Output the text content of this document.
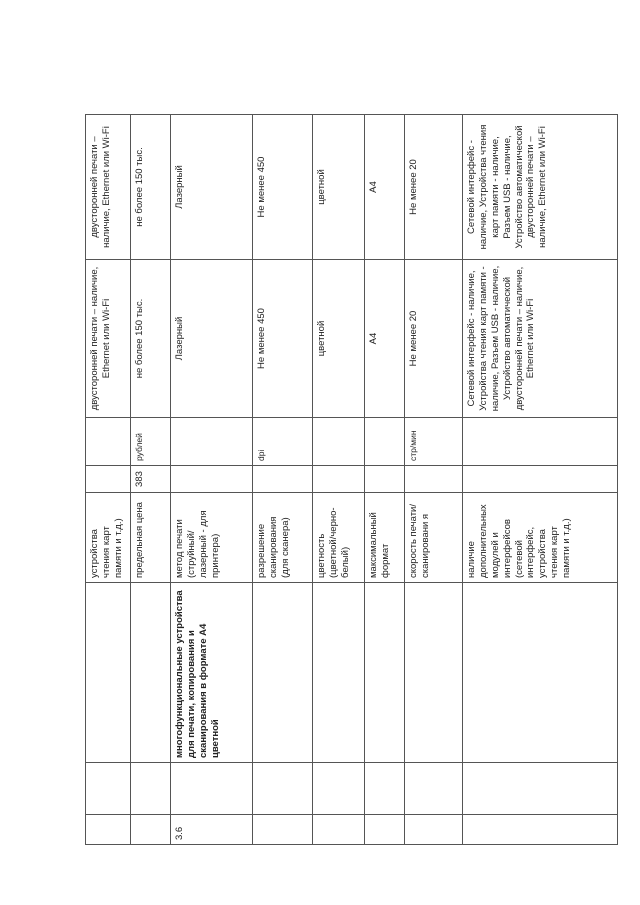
			устройства чтения карт памяти и т.д.)			двусторонней печати – наличие, Ethernet или Wi-Fi	двусторонней печати – наличие, Ethernet или Wi-Fi
			предельная цена	383	рублей	не более 150 тыс.	не более 150 тыс.
3.6		многофункциональные устройства для печати, копирования и сканирования в формате А4 цветной	метод печати (струйный/лазерный - для принтера)			Лазерный	Лазерный
			разрешение сканирования (для сканера)		dpi	Не менее 450	Не менее 450
			цветность (цветной/черно-белый)			цветной	цветной
			максимальный формат			А4	А4
			скорость печати/сканировани я		стр/мин	Не менее 20	Не менее 20
			наличие дополнительных модулей и интерфейсов (сетевой интерфейс, устройства чтения карт памяти и т.д.)			Сетевой интерфейс - наличие, Устройства чтения карт памяти - наличие, Разъем USB - наличие, Устройство автоматической двусторонней печати – наличие, Ethernet или Wi-Fi	Сетевой интерфейс - наличие, Устройства чтения карт памяти - наличие, Разъем USB - наличие, Устройство автоматической двусторонней печати – наличие, Ethernet или Wi-Fi
